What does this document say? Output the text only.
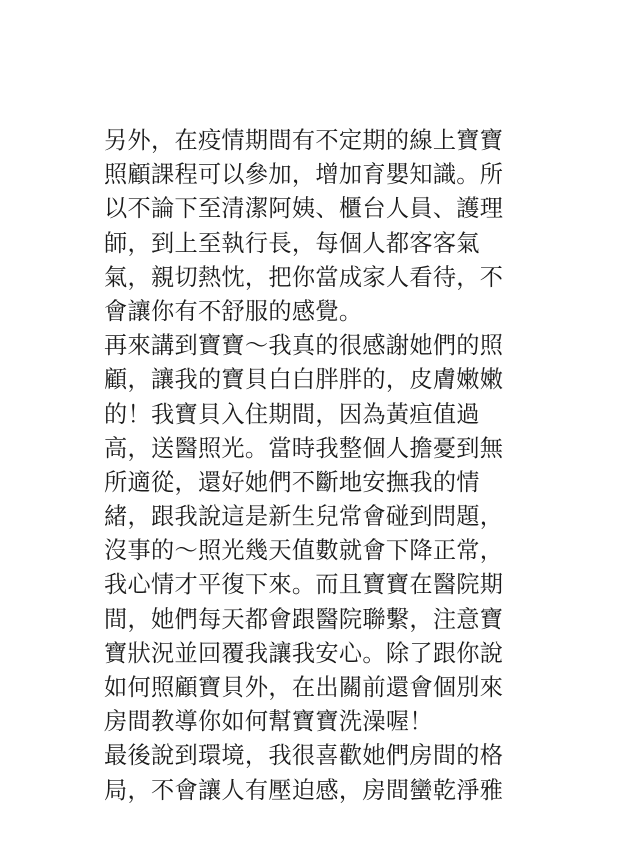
另外，在疫情期間有不定期的線上寶寶
照顧課程可以參加，增加育嬰知識。所
以不論下至清潔阿姨、櫃台人員、護理
師，到上至執行長，每個人都客客氣
氣，親切熱忱，把你當成家人看待，不
會讓你有不舒服的感覺。
再來講到寶寶～我真的很感謝她們的照
顧，讓我的寶貝白白胖胖的，皮膚嫩嫩
的！我寶貝入住期間，因為黃疸值過
高，送醫照光。當時我整個人擔憂到無
所適從，還好她們不斷地安撫我的情
緒，跟我說這是新生兒常會碰到問題，
沒事的～照光幾天值數就會下降正常，
我心情才平復下來。而且寶寶在醫院期
間，她們每天都會跟醫院聯繫，注意寶
寶狀況並回覆我讓我安心。除了跟你說
如何照顧寶貝外，在出關前還會個別來
房間教導你如何幫寶寶洗澡喔！
最後說到環境，我很喜歡她們房間的格
局，不會讓人有壓迫感，房間蠻乾淨雅
